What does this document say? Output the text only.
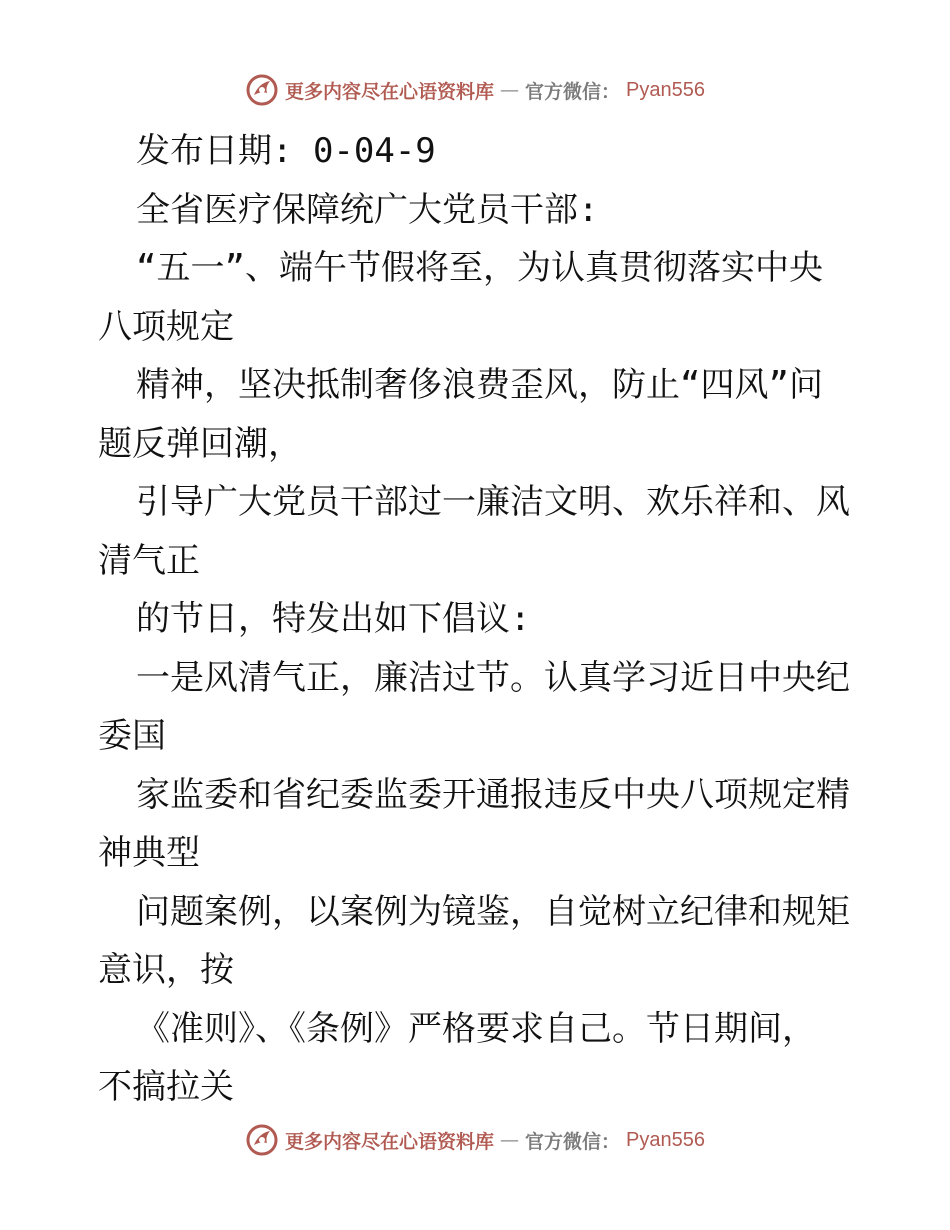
更多内容尽在心语资料库 — 官方微信： Pyan556
发布日期: 0-04-9
全省医疗保障统广大党员干部:
“五一”、端午节假将至，为认真贯彻落实中央
八项规定
精神，坚决抵制奢侈浪费歪风，防止“四风”问
题反弹回潮，
引导广大党员干部过一廉洁文明、欢乐祥和、风
清气正
的节日，特发出如下倡议:
一是风清气正，廉洁过节。认真学习近日中央纪
委国
家监委和省纪委监委开通报违反中央八项规定精
神典型
问题案例，以案例为镜鉴，自觉树立纪律和规矩
意识，按
《准则》、《条例》严格要求自己。节日期间，
不搞拉关
更多内容尽在心语资料库 — 官方微信： Pyan556
